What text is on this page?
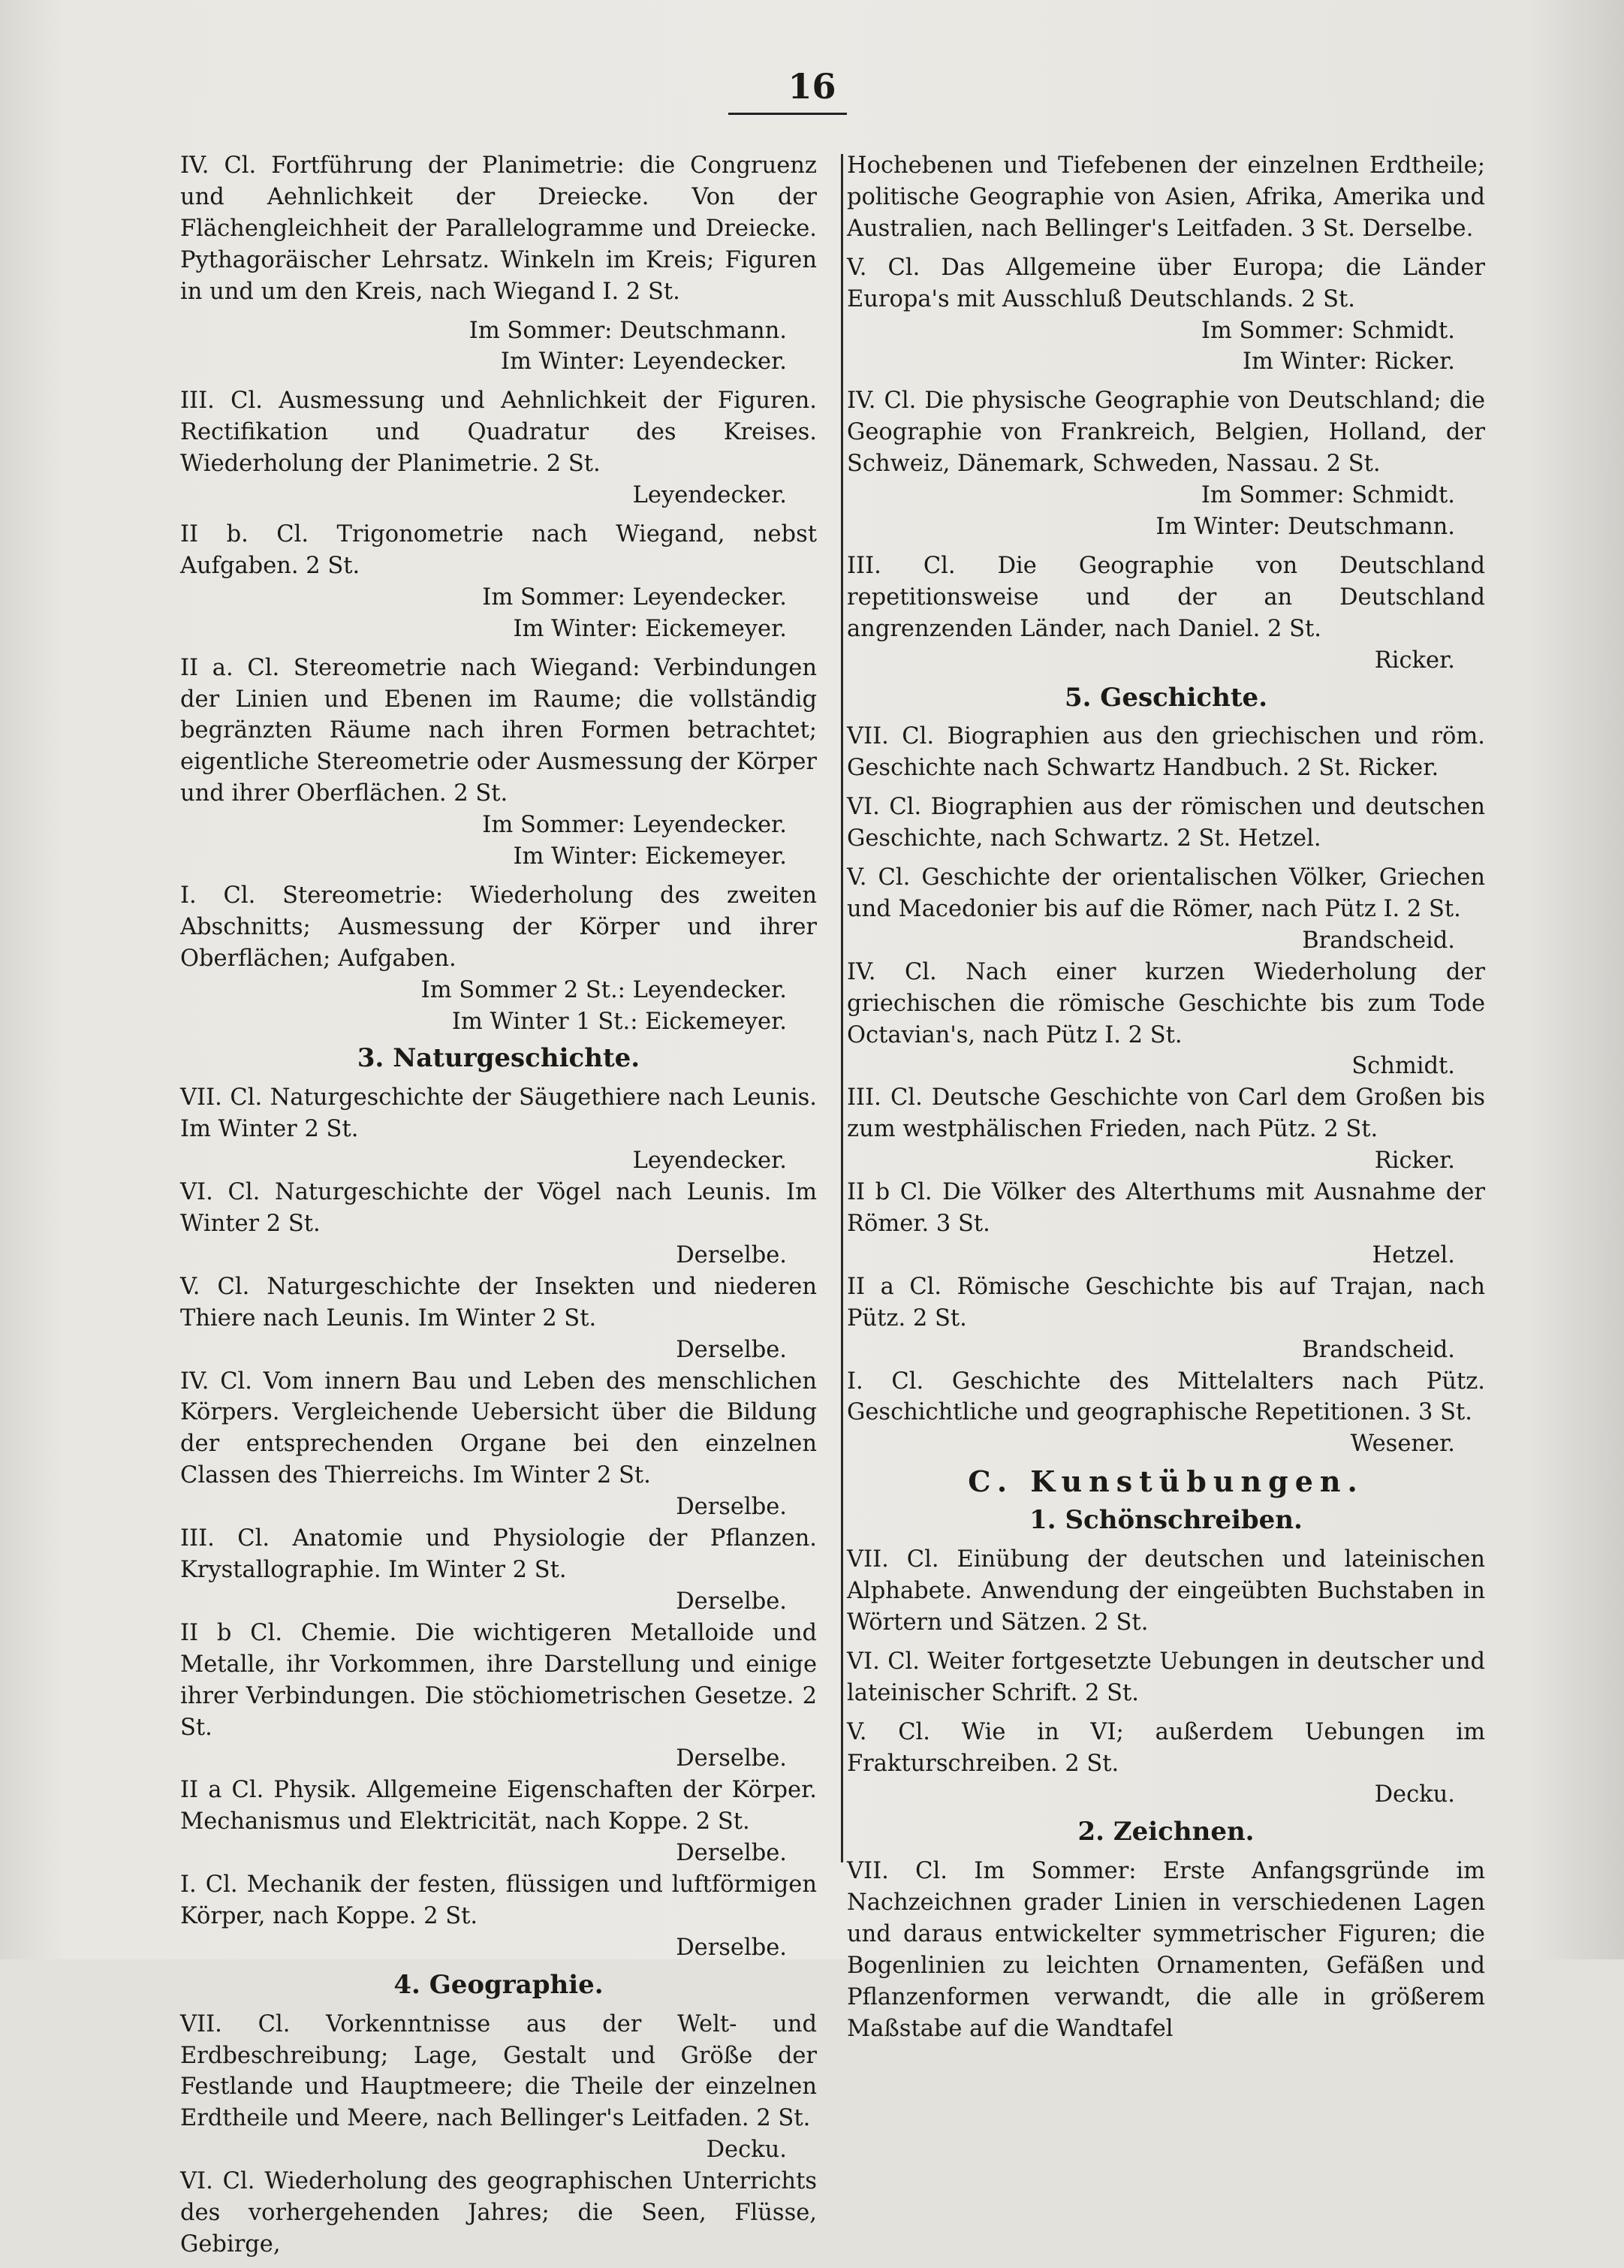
16

IV. Cl. Fortführung der Planimetrie: die Congruenz und Aehnlichkeit der Dreiecke. Von der Flächengleichheit der Parallelogramme und Dreiecke. Pythagoräischer Lehrsatz. Winkeln im Kreis; Figuren in und um den Kreis, nach Wiegand I. 2 St.

Im Sommer: Deutschmann.
Im Winter: Leyendecker.

III. Cl. Ausmessung und Aehnlichkeit der Figuren. Rectifikation und Quadratur des Kreises. Wiederholung der Planimetrie. 2 St.

Leyendecker.

II b. Cl. Trigonometrie nach Wiegand, nebst Aufgaben. 2 St.

Im Sommer: Leyendecker.
Im Winter: Eickemeyer.

II a. Cl. Stereometrie nach Wiegand: Verbindungen der Linien und Ebenen im Raume; die vollständig begränzten Räume nach ihren Formen betrachtet; eigentliche Stereometrie oder Ausmessung der Körper und ihrer Oberflächen. 2 St.

Im Sommer: Leyendecker.
Im Winter: Eickemeyer.

I. Cl. Stereometrie: Wiederholung des zweiten Abschnitts; Ausmessung der Körper und ihrer Oberflächen; Aufgaben.

Im Sommer 2 St.: Leyendecker.
Im Winter 1 St.: Eickemeyer.
3. Naturgeschichte.

VII. Cl. Naturgeschichte der Säugethiere nach Leunis. Im Winter 2 St.

Leyendecker.

VI. Cl. Naturgeschichte der Vögel nach Leunis. Im Winter 2 St.

Derselbe.

V. Cl. Naturgeschichte der Insekten und niederen Thiere nach Leunis. Im Winter 2 St.

Derselbe.

IV. Cl. Vom innern Bau und Leben des menschlichen Körpers. Vergleichende Uebersicht über die Bildung der entsprechenden Organe bei den einzelnen Classen des Thierreichs. Im Winter 2 St.

Derselbe.

III. Cl. Anatomie und Physiologie der Pflanzen. Krystallographie. Im Winter 2 St.

Derselbe.

II b Cl. Chemie. Die wichtigeren Metalloide und Metalle, ihr Vorkommen, ihre Darstellung und einige ihrer Verbindungen. Die stöchiometrischen Gesetze. 2 St.

Derselbe.

II a Cl. Physik. Allgemeine Eigenschaften der Körper. Mechanismus und Elektricität, nach Koppe. 2 St.

Derselbe.

I. Cl. Mechanik der festen, flüssigen und luftförmigen Körper, nach Koppe. 2 St.

Derselbe.
4. Geographie.

VII. Cl. Vorkenntnisse aus der Welt- und Erdbeschreibung; Lage, Gestalt und Größe der Festlande und Hauptmeere; die Theile der einzelnen Erdtheile und Meere, nach Bellinger's Leitfaden. 2 St.

Decku.

VI. Cl. Wiederholung des geographischen Unterrichts des vorhergehenden Jahres; die Seen, Flüsse, Gebirge,

Hochebenen und Tiefebenen der einzelnen Erdtheile; politische Geographie von Asien, Afrika, Amerika und Australien, nach Bellinger's Leitfaden. 3 St. Derselbe.

V. Cl. Das Allgemeine über Europa; die Länder Europa's mit Ausschluß Deutschlands. 2 St.

Im Sommer: Schmidt.
Im Winter: Ricker.

IV. Cl. Die physische Geographie von Deutschland; die Geographie von Frankreich, Belgien, Holland, der Schweiz, Dänemark, Schweden, Nassau. 2 St.

Im Sommer: Schmidt.
Im Winter: Deutschmann.

III. Cl. Die Geographie von Deutschland repetitionsweise und der an Deutschland angrenzenden Länder, nach Daniel. 2 St.

Ricker.
5. Geschichte.

VII. Cl. Biographien aus den griechischen und röm. Geschichte nach Schwartz Handbuch. 2 St. Ricker.

VI. Cl. Biographien aus der römischen und deutschen Geschichte, nach Schwartz. 2 St. Hetzel.

V. Cl. Geschichte der orientalischen Völker, Griechen und Macedonier bis auf die Römer, nach Pütz I. 2 St.

Brandscheid.

IV. Cl. Nach einer kurzen Wiederholung der griechischen die römische Geschichte bis zum Tode Octavian's, nach Pütz I. 2 St.

Schmidt.

III. Cl. Deutsche Geschichte von Carl dem Großen bis zum westphälischen Frieden, nach Pütz. 2 St.

Ricker.

II b Cl. Die Völker des Alterthums mit Ausnahme der Römer. 3 St.

Hetzel.

II a Cl. Römische Geschichte bis auf Trajan, nach Pütz. 2 St.

Brandscheid.

I. Cl. Geschichte des Mittelalters nach Pütz. Geschichtliche und geographische Repetitionen. 3 St.

Wesener.
C. Kunstübungen.
1. Schönschreiben.

VII. Cl. Einübung der deutschen und lateinischen Alphabete. Anwendung der eingeübten Buchstaben in Wörtern und Sätzen. 2 St.

VI. Cl. Weiter fortgesetzte Uebungen in deutscher und lateinischer Schrift. 2 St.

V. Cl. Wie in VI; außerdem Uebungen im Frakturschreiben. 2 St.

Decku.
2. Zeichnen.

VII. Cl. Im Sommer: Erste Anfangsgründe im Nachzeichnen grader Linien in verschiedenen Lagen und daraus entwickelter symmetrischer Figuren; die Bogenlinien zu leichten Ornamenten, Gefäßen und Pflanzenformen verwandt, die alle in größerem Maßstabe auf die Wandtafel
